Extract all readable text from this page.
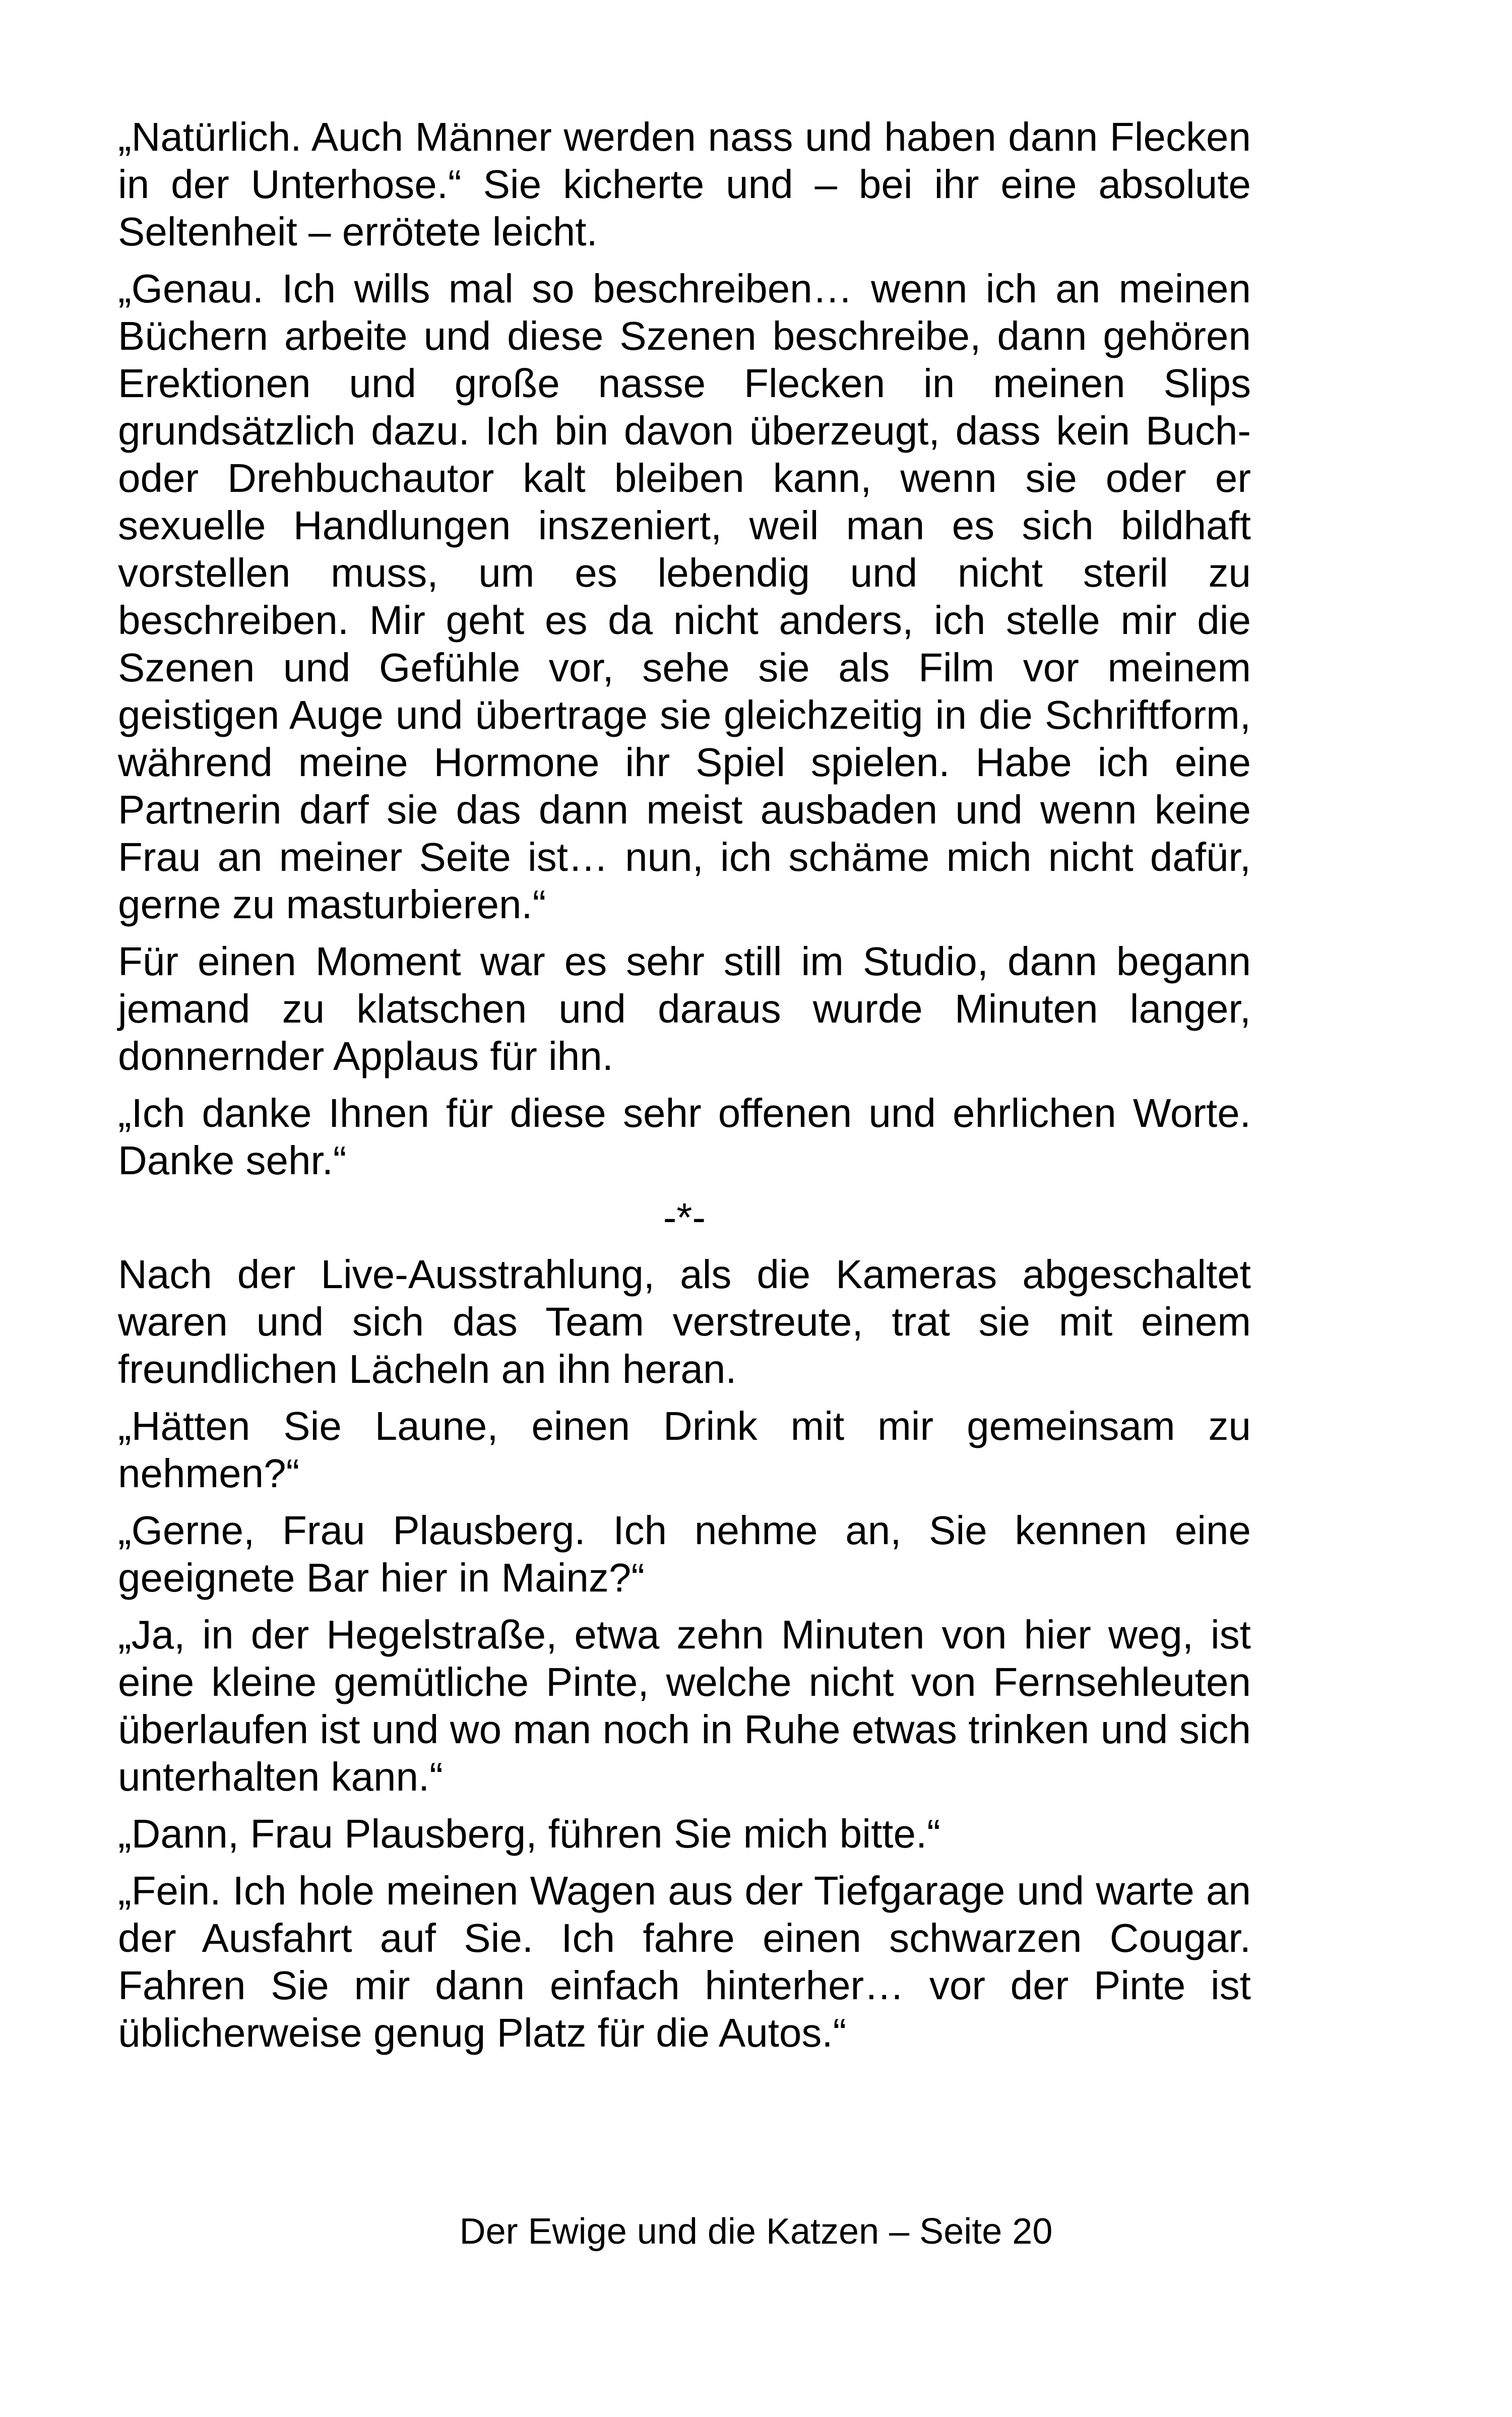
„Natürlich. Auch Männer werden nass und haben dann Flecken in der Unterhose.“ Sie kicherte und – bei ihr eine absolute Seltenheit – errötete leicht.

„Genau. Ich wills mal so beschreiben… wenn ich an meinen Büchern arbeite und diese Szenen beschreibe, dann gehören Erektionen und große nasse Flecken in meinen Slips grundsätzlich dazu. Ich bin davon überzeugt, dass kein Buch- oder Drehbuchautor kalt bleiben kann, wenn sie oder er sexuelle Handlungen inszeniert, weil man es sich bildhaft vorstellen muss, um es lebendig und nicht steril zu beschreiben. Mir geht es da nicht anders, ich stelle mir die Szenen und Gefühle vor, sehe sie als Film vor meinem geistigen Auge und übertrage sie gleichzeitig in die Schriftform, während meine Hormone ihr Spiel spielen. Habe ich eine Partnerin darf sie das dann meist ausbaden und wenn keine Frau an meiner Seite ist… nun, ich schäme mich nicht dafür, gerne zu masturbieren.“

Für einen Moment war es sehr still im Studio, dann begann jemand zu klatschen und daraus wurde Minuten langer, donnernder Applaus für ihn.

„Ich danke Ihnen für diese sehr offenen und ehrlichen Worte. Danke sehr.“

-*-

Nach der Live-Ausstrahlung, als die Kameras abgeschaltet waren und sich das Team verstreute, trat sie mit einem freundlichen Lächeln an ihn heran.

„Hätten Sie Laune, einen Drink mit mir gemeinsam zu nehmen?“

„Gerne, Frau Plausberg. Ich nehme an, Sie kennen eine geeignete Bar hier in Mainz?“

„Ja, in der Hegelstraße, etwa zehn Minuten von hier weg, ist eine kleine gemütliche Pinte, welche nicht von Fernsehleuten überlaufen ist und wo man noch in Ruhe etwas trinken und sich unterhalten kann.“

„Dann, Frau Plausberg, führen Sie mich bitte.“

„Fein. Ich hole meinen Wagen aus der Tiefgarage und warte an der Ausfahrt auf Sie. Ich fahre einen schwarzen Cougar. Fahren Sie mir dann einfach hinterher… vor der Pinte ist üblicherweise genug Platz für die Autos.“

Der Ewige und die Katzen – Seite 20
